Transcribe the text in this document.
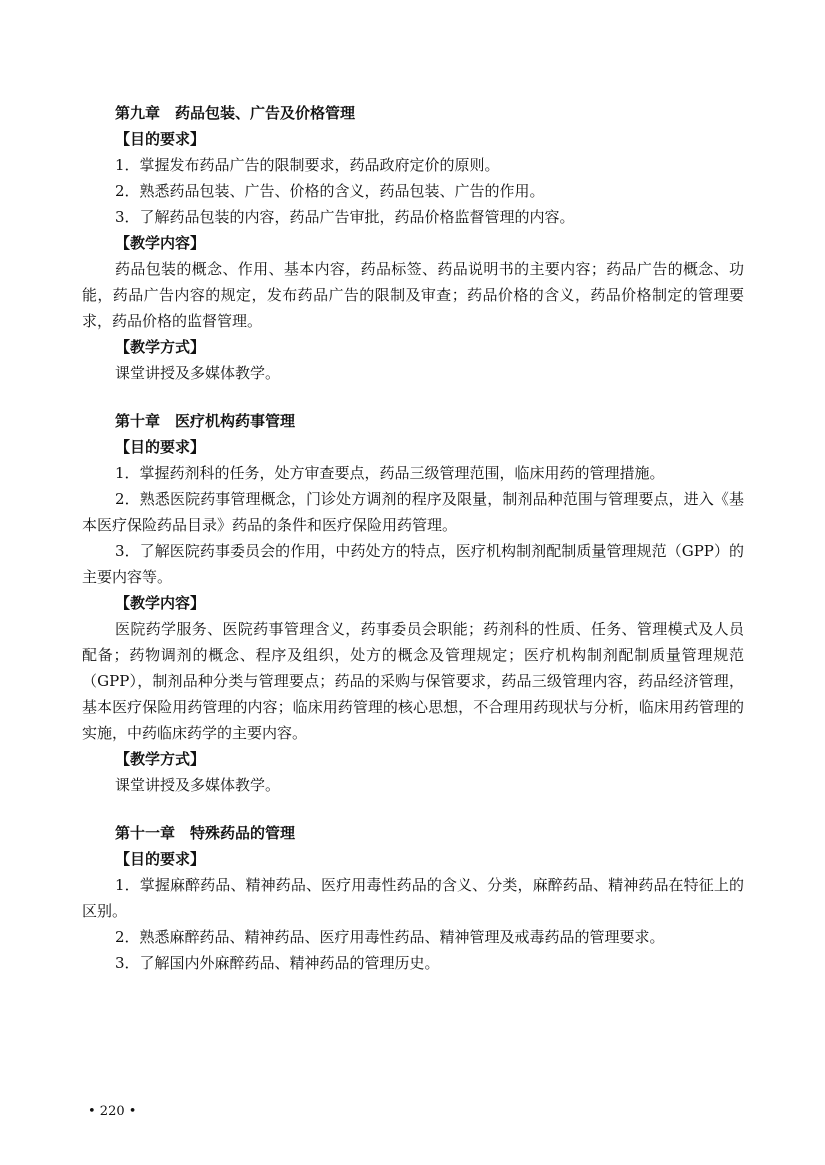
第九章　药品包装、广告及价格管理

【目的要求】

1．掌握发布药品广告的限制要求，药品政府定价的原则。

2．熟悉药品包装、广告、价格的含义，药品包装、广告的作用。

3．了解药品包装的内容，药品广告审批，药品价格监督管理的内容。

【教学内容】

药品包装的概念、作用、基本内容，药品标签、药品说明书的主要内容；药品广告的概念、功能，药品广告内容的规定，发布药品广告的限制及审查；药品价格的含义，药品价格制定的管理要求，药品价格的监督管理。

【教学方式】

课堂讲授及多媒体教学。

第十章　医疗机构药事管理

【目的要求】

1．掌握药剂科的任务，处方审查要点，药品三级管理范围，临床用药的管理措施。

2．熟悉医院药事管理概念，门诊处方调剂的程序及限量，制剂品种范围与管理要点，进入《基本医疗保险药品目录》药品的条件和医疗保险用药管理。

3．了解医院药事委员会的作用，中药处方的特点，医疗机构制剂配制质量管理规范（GPP）的主要内容等。

【教学内容】

医院药学服务、医院药事管理含义，药事委员会职能；药剂科的性质、任务、管理模式及人员配备；药物调剂的概念、程序及组织，处方的概念及管理规定；医疗机构制剂配制质量管理规范（GPP），制剂品种分类与管理要点；药品的采购与保管要求，药品三级管理内容，药品经济管理，基本医疗保险用药管理的内容；临床用药管理的核心思想，不合理用药现状与分析，临床用药管理的实施，中药临床药学的主要内容。

【教学方式】

课堂讲授及多媒体教学。

第十一章　特殊药品的管理

【目的要求】

1．掌握麻醉药品、精神药品、医疗用毒性药品的含义、分类，麻醉药品、精神药品在特征上的区别。

2．熟悉麻醉药品、精神药品、医疗用毒性药品、精神管理及戒毒药品的管理要求。

3．了解国内外麻醉药品、精神药品的管理历史。

• 220 •
